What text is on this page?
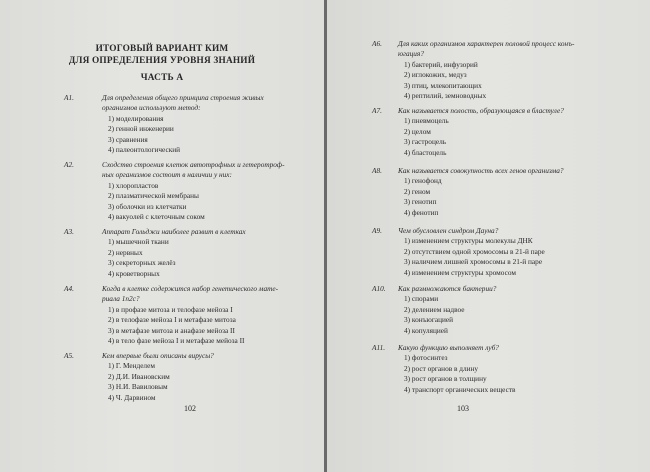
ИТОГОВЫЙ ВАРИАНТ КИМ
ДЛЯ ОПРЕДЕЛЕНИЯ УРОВНЯ ЗНАНИЙ
ЧАСТЬ А
A1.	Для определения общего принципа строения живых
организмов используют метод:
1) моделирования
2) генной инженерии
3) сравнения
4) палеонтологический
A2.	Сходство строения клеток автотрофных и гетеротроф-
ных организмов состоит в наличии у них:
1) хлоропластов
2) плазматической мембраны
3) оболочки из клетчатки
4) вакуолей с клеточным соком
A3.	Аппарат Гольджи наиболее развит в клетках
1) мышечной ткани
2) нервных
3) секреторных желёз
4) кроветворных
A4.	Когда в клетке содержится набор генетического мате-
риала 1n2c?
1) в профазе митоза и телофазе мейоза I
2) в телофазе мейоза I и метафазе митоза
3) в метафазе митоза и анафазе мейоза II
4) в тело фазе мейоза I и метафазе мейоза II
A5.	Кем впервые были описаны вирусы?
1) Г. Менделем
2) Д.И. Ивановским
3) Н.И. Вавиловым
4) Ч. Дарвином
102
A6. Для каких организмов характерен половой процесс конъ-
югация?
1) бактерий, инфузорий
2) иглокожих, медуз
3) птиц, млекопитающих
4) рептилий, земноводных
A7. Как называется полость, образующаяся в бластуле?
1) пневмоцель
2) целом
3) гастроцель
4) бластоцель
A8. Как называется совокупность всех генов организма?
1) генофонд
2) геном
3) генотип
4) фенотип
A9. Чем обусловлен синдром Дауна?
1) изменением структуры молекулы ДНК
2) отсутствием одной хромосомы в 21-й паре
3) наличием лишней хромосомы в 21-й паре
4) изменением структуры хромосом
A10. Как размножаются бактерии?
1) спорами
2) делением надвое
3) конъюгацией
4) копуляцией
A11. Какую функцию выполняет луб?
1) фотосинтез
2) рост органов в длину
3) рост органов в толщину
4) транспорт органических веществ
103
